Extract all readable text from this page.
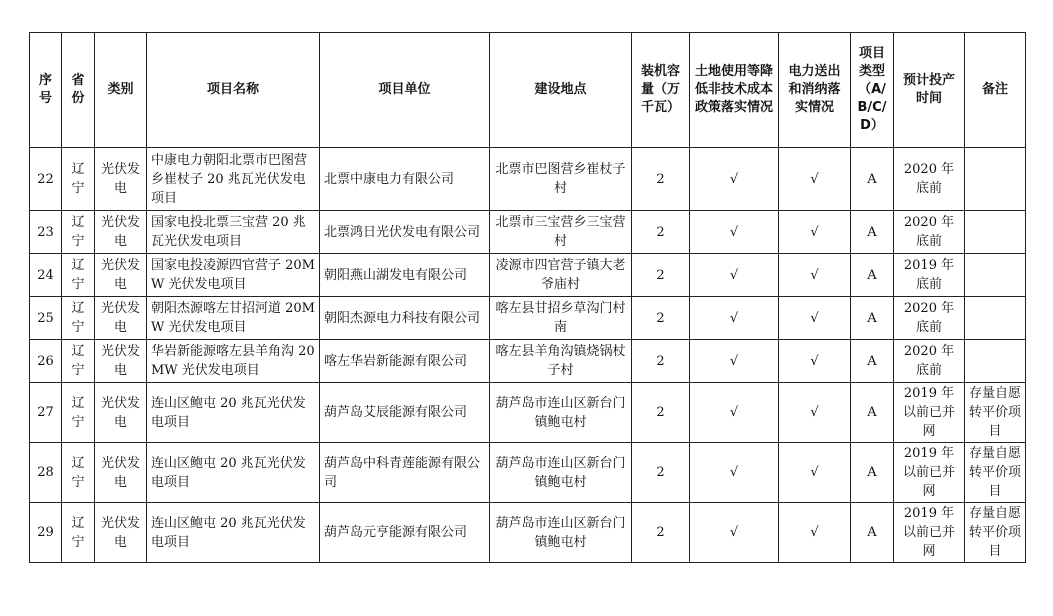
序号	省份	类别	项目名称	项目单位	建设地点	装机容量（万千瓦）	土地使用等降低非技术成本政策落实情况	电力送出和消纳落实情况	项目类型（A/B/C/D）	预计投产时间	备注
22	辽宁	光伏发电	中康电力朝阳北票市巴图营乡崔杖子 20 兆瓦光伏发电项目	北票中康电力有限公司	北票市巴图营乡崔杖子村	2	√	√	A	2020 年底前	
23	辽宁	光伏发电	国家电投北票三宝营 20 兆瓦光伏发电项目	北票鸿日光伏发电有限公司	北票市三宝营乡三宝营村	2	√	√	A	2020 年底前	
24	辽宁	光伏发电	国家电投凌源四官营子 20MW 光伏发电项目	朝阳燕山湖发电有限公司	凌源市四官营子镇大老爷庙村	2	√	√	A	2019 年底前	
25	辽宁	光伏发电	朝阳杰源喀左甘招河道 20MW 光伏发电项目	朝阳杰源电力科技有限公司	喀左县甘招乡草沟门村南	2	√	√	A	2020 年底前	
26	辽宁	光伏发电	华岩新能源喀左县羊角沟 20MW 光伏发电项目	喀左华岩新能源有限公司	喀左县羊角沟镇烧锅杖子村	2	√	√	A	2020 年底前	
27	辽宁	光伏发电	连山区鲍屯 20 兆瓦光伏发电项目	葫芦岛艾辰能源有限公司	葫芦岛市连山区新台门镇鲍屯村	2	√	√	A	2019 年以前已并网	存量自愿转平价项目
28	辽宁	光伏发电	连山区鲍屯 20 兆瓦光伏发电项目	葫芦岛中科青莲能源有限公司	葫芦岛市连山区新台门镇鲍屯村	2	√	√	A	2019 年以前已并网	存量自愿转平价项目
29	辽宁	光伏发电	连山区鲍屯 20 兆瓦光伏发电项目	葫芦岛元亨能源有限公司	葫芦岛市连山区新台门镇鲍屯村	2	√	√	A	2019 年以前已并网	存量自愿转平价项目
